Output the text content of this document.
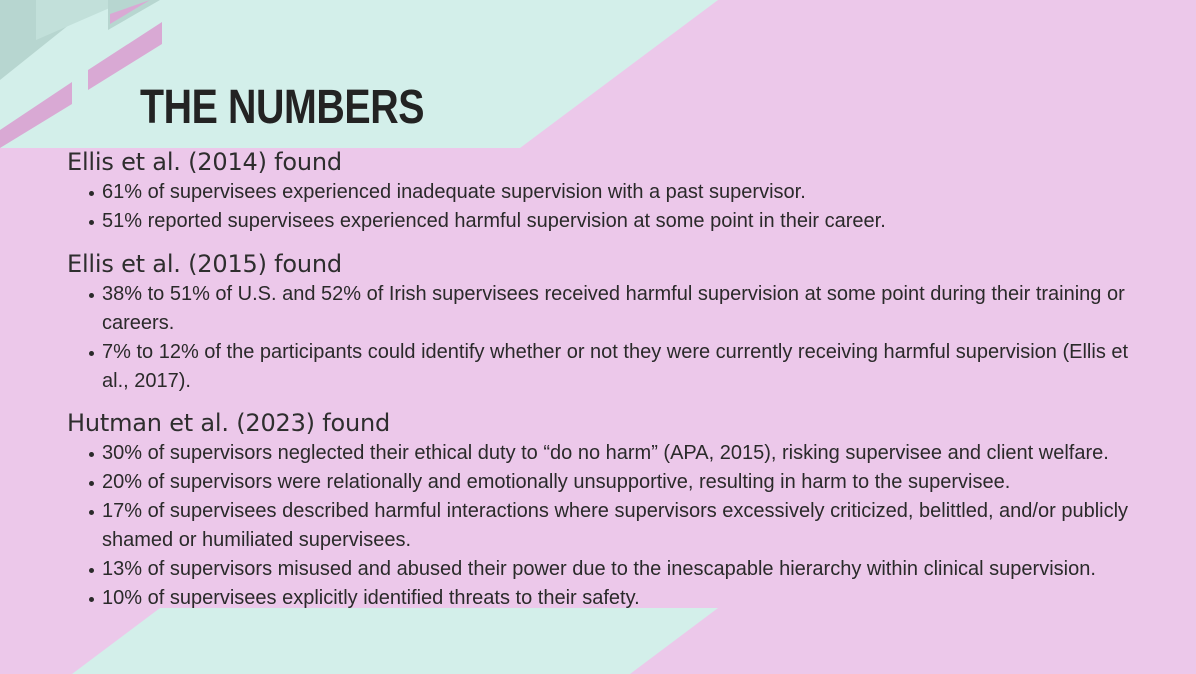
THE NUMBERS
Ellis et al. (2014) found
61% of supervisees experienced inadequate supervision with a past supervisor.
51% reported supervisees experienced harmful supervision at some point in their career.
Ellis et al. (2015) found
38% to 51% of U.S. and 52% of Irish supervisees received harmful supervision at some point during their training or careers.
7% to 12% of the participants could identify whether or not they were currently receiving harmful supervision (Ellis et al., 2017).
Hutman et al. (2023) found
30% of supervisors neglected their ethical duty to “do no harm” (APA, 2015), risking supervisee and client welfare.
20% of supervisors were relationally and emotionally unsupportive, resulting in harm to the supervisee.
17% of supervisees described harmful interactions where supervisors excessively criticized, belittled, and/or publicly shamed or humiliated supervisees.
13% of supervisors misused and abused their power due to the inescapable hierarchy within clinical supervision.
10% of supervisees explicitly identified threats to their safety.
